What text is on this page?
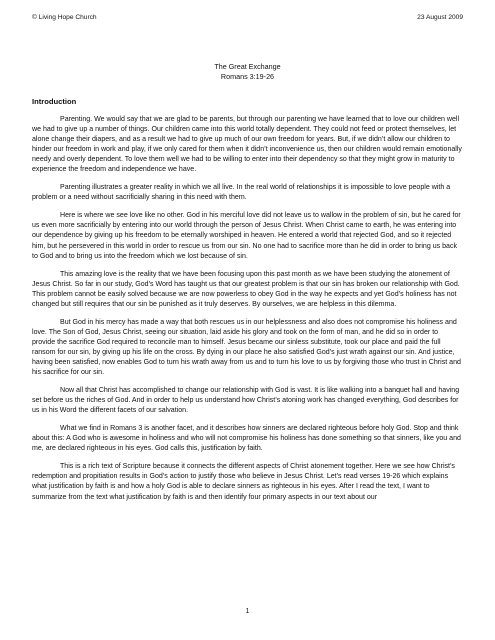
© Living Hope Church	23 August 2009
The Great Exchange
Romans 3:19-26
Introduction

Parenting. We would say that we are glad to be parents, but through our parenting we have learned that to love our children well we had to give up a number of things. Our children came into this world totally dependent. They could not feed or protect themselves, let alone change their diapers, and as a result we had to give up much of our own freedom for years. But, if we didn’t allow our children to hinder our freedom in work and play, if we only cared for them when it didn’t inconvenience us, then our children would remain emotionally needy and overly dependent. To love them well we had to be willing to enter into their dependency so that they might grow in maturity to experience the freedom and independence we have.

Parenting illustrates a greater reality in which we all live. In the real world of relationships it is impossible to love people with a problem or a need without sacrificially sharing in this need with them.

Here is where we see love like no other. God in his merciful love did not leave us to wallow in the problem of sin, but he cared for us even more sacrificially by entering into our world through the person of Jesus Christ. When Christ came to earth, he was entering into our dependence by giving up his freedom to be eternally worshiped in heaven. He entered a world that rejected God, and so it rejected him, but he persevered in this world in order to rescue us from our sin. No one had to sacrifice more than he did in order to bring us back to God and to bring us into the freedom which we lost because of sin.

This amazing love is the reality that we have been focusing upon this past month as we have been studying the atonement of Jesus Christ. So far in our study, God’s Word has taught us that our greatest problem is that our sin has broken our relationship with God. This problem cannot be easily solved because we are now powerless to obey God in the way he expects and yet God’s holiness has not changed but still requires that our sin be punished as it truly deserves. By ourselves, we are helpless in this dilemma.

But God in his mercy has made a way that both rescues us in our helplessness and also does not compromise his holiness and love. The Son of God, Jesus Christ, seeing our situation, laid aside his glory and took on the form of man, and he did so in order to provide the sacrifice God required to reconcile man to himself. Jesus became our sinless substitute, took our place and paid the full ransom for our sin, by giving up his life on the cross. By dying in our place he also satisfied God’s just wrath against our sin. And justice, having been satisfied, now enables God to turn his wrath away from us and to turn his love to us by forgiving those who trust in Christ and his sacrifice for our sin.

Now all that Christ has accomplished to change our relationship with God is vast. It is like walking into a banquet hall and having set before us the riches of God. And in order to help us understand how Christ’s atoning work has changed everything, God describes for us in his Word the different facets of our salvation.

What we find in Romans 3 is another facet, and it describes how sinners are declared righteous before holy God. Stop and think about this: A God who is awesome in holiness and who will not compromise his holiness has done something so that sinners, like you and me, are declared righteous in his eyes. God calls this, justification by faith.

This is a rich text of Scripture because it connects the different aspects of Christ atonement together. Here we see how Christ’s redemption and propitiation results in God’s action to justify those who believe in Jesus Christ. Let’s read verses 19-26 which explains what justification by faith is and how a holy God is able to declare sinners as righteous in his eyes. After I read the text, I want to summarize from the text what justification by faith is and then identify four primary aspects in our text about our

1
